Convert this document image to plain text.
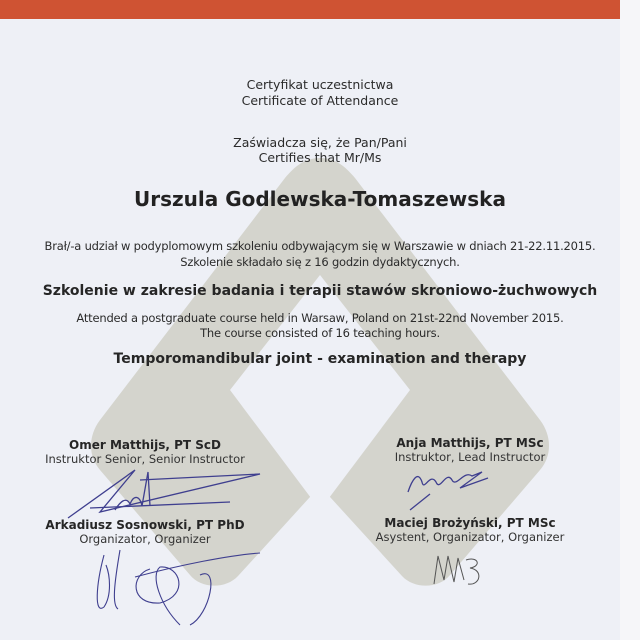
Certyfikat uczestnictwa
Certificate of Attendance
Zaświadcza się, że Pan/Pani
Certifies that Mr/Ms
Urszula Godlewska-Tomaszewska
Brał/-a udział w podyplomowym szkoleniu odbywającym się w Warszawie w dniach 21-22.11.2015.
Szkolenie składało się z 16 godzin dydaktycznych.
Szkolenie w zakresie badania i terapii stawów skroniowo-żuchwowych
Attended a postgraduate course held in Warsaw, Poland on 21st-22nd November 2015.
The course consisted of 16 teaching hours.
Temporomandibular joint - examination and therapy
Omer Matthijs, PT ScD
Instruktor Senior, Senior Instructor
Anja Matthijs, PT MSc
Instruktor, Lead Instructor
Arkadiusz Sosnowski, PT PhD
Organizator, Organizer
Maciej Brożyński, PT MSc
Asystent, Organizator, Organizer
